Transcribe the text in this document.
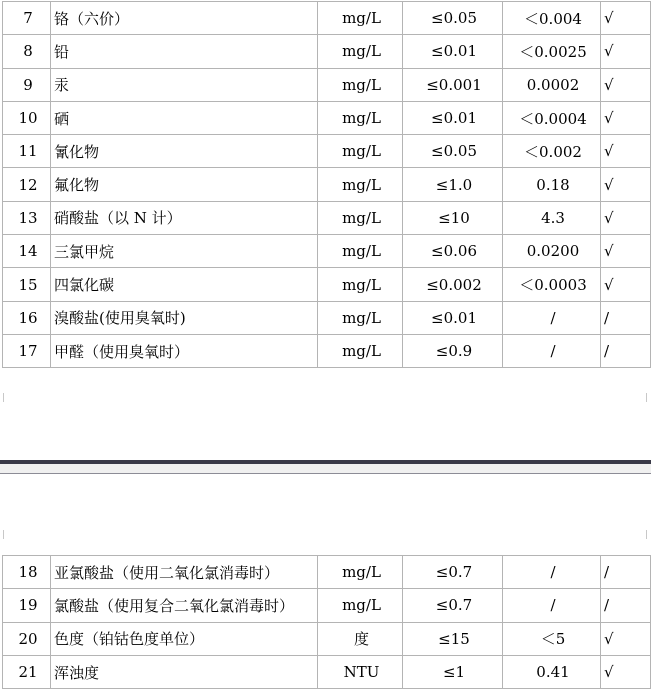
7	铬（六价）	mg/L	≤0.05	＜0.004	√
8	铅	mg/L	≤0.01	＜0.0025	√
9	汞	mg/L	≤0.001	0.0002	√
10	硒	mg/L	≤0.01	＜0.0004	√
11	氰化物	mg/L	≤0.05	＜0.002	√
12	氟化物	mg/L	≤1.0	0.18	√
13	硝酸盐（以 N 计）	mg/L	≤10	4.3	√
14	三氯甲烷	mg/L	≤0.06	0.0200	√
15	四氯化碳	mg/L	≤0.002	＜0.0003	√
16	溴酸盐(使用臭氧时)	mg/L	≤0.01	/	/
17	甲醛（使用臭氧时）	mg/L	≤0.9	/	/
18	亚氯酸盐（使用二氧化氯消毒时）	mg/L	≤0.7	/	/
19	氯酸盐（使用复合二氧化氯消毒时）	mg/L	≤0.7	/	/
20	色度（铂钴色度单位）	度	≤15	＜5	√
21	浑浊度	NTU	≤1	0.41	√
